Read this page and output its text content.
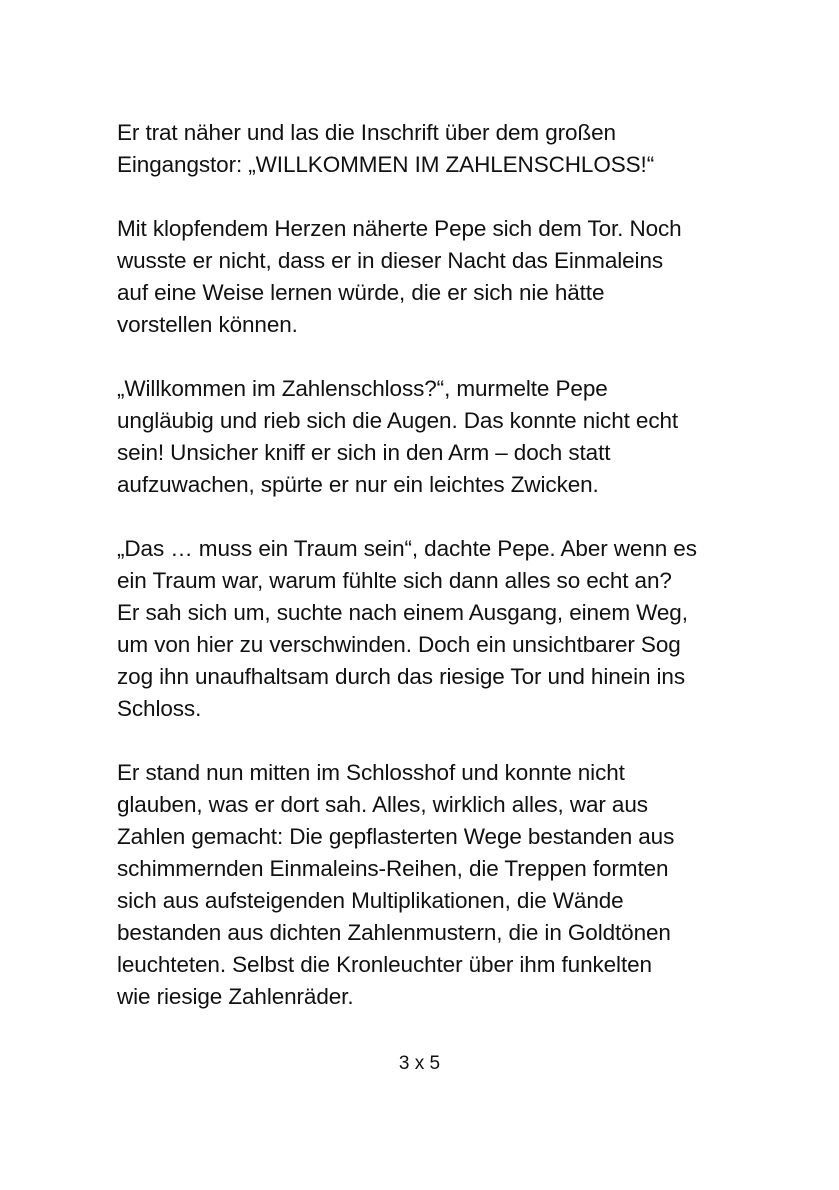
Er trat näher und las die Inschrift über dem großen
Eingangstor: „WILLKOMMEN IM ZAHLENSCHLOSS!“

Mit klopfendem Herzen näherte Pepe sich dem Tor. Noch
wusste er nicht, dass er in dieser Nacht das Einmaleins
auf eine Weise lernen würde, die er sich nie hätte
vorstellen können.

„Willkommen im Zahlenschloss?“, murmelte Pepe
ungläubig und rieb sich die Augen. Das konnte nicht echt
sein! Unsicher kniff er sich in den Arm – doch statt
aufzuwachen, spürte er nur ein leichtes Zwicken.

„Das … muss ein Traum sein“, dachte Pepe. Aber wenn es
ein Traum war, warum fühlte sich dann alles so echt an?
Er sah sich um, suchte nach einem Ausgang, einem Weg,
um von hier zu verschwinden. Doch ein unsichtbarer Sog
zog ihn unaufhaltsam durch das riesige Tor und hinein ins
Schloss.

Er stand nun mitten im Schlosshof und konnte nicht
glauben, was er dort sah. Alles, wirklich alles, war aus
Zahlen gemacht: Die gepflasterten Wege bestanden aus
schimmernden Einmaleins-Reihen, die Treppen formten
sich aus aufsteigenden Multiplikationen, die Wände
bestanden aus dichten Zahlenmustern, die in Goldtönen
leuchteten. Selbst die Kronleuchter über ihm funkelten
wie riesige Zahlenräder.

3 x 5
